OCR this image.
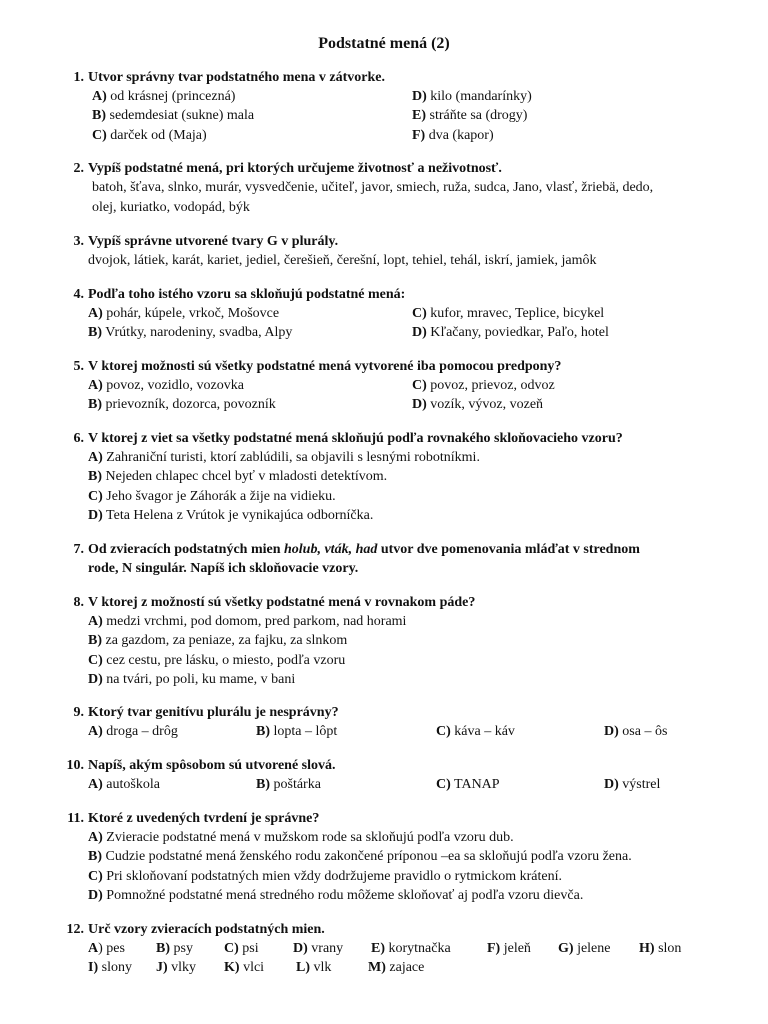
Podstatné mená (2)
1. Utvor správny tvar podstatného mena v zátvorke.
A) od krásnej (princezná)
B) sedemdesiat (sukne) mala
C) darček od (Maja)
D) kilo (mandarínky)
E) stráňte sa (drogy)
F) dva (kapor)
2. Vypíš podstatné mená, pri ktorých určujeme životnosť a neživotnosť.
batoh, šťava, slnko, murár, vysvedčenie, učiteľ, javor, smiech, ruža, sudca, Jano, vlasť, žriebä, dedo,
olej, kuriatko, vodopád, býk
3. Vypíš správne utvorené tvary G v plurály.
dvojok, látiek, karát, kariet, jediel, čerešieň, čerešní, lopt, tehiel, tehál, iskrí, jamiek, jamôk
4. Podľa toho istého vzoru sa skloňujú podstatné mená:
A) pohár, kúpele, vrkoč, Mošovce
B) Vrútky, narodeniny, svadba, Alpy
C) kufor, mravec, Teplice, bicykel
D) Kľačany, poviedkar, Paľo, hotel
5. V ktorej možnosti sú všetky podstatné mená vytvorené iba pomocou predpony?
A) povoz, vozidlo, vozovka
B) prievozník, dozorca, povozník
C) povoz, prievoz, odvoz
D) vozík, vývoz, vozeň
6. V ktorej z viet sa všetky podstatné mená skloňujú podľa rovnakého skloňovacieho vzoru?
A) Zahraniční turisti, ktorí zablúdili, sa objavili s lesnými robotníkmi.
B) Nejeden chlapec chcel byť v mladosti detektívom.
C) Jeho švagor je Záhorák a žije na vidieku.
D) Teta Helena z Vrútok je vynikajúca odborníčka.
7. Od zvieracích podstatných mien holub, vták, had utvor dve pomenovania mláďat v strednom
rode, N singulár. Napíš ich skloňovacie vzory.
8. V ktorej z možností sú všetky podstatné mená v rovnakom páde?
A) medzi vrchmi, pod domom, pred parkom, nad horami
B) za gazdom, za peniaze, za fajku, za slnkom
C) cez cestu, pre lásku, o miesto, podľa vzoru
D) na tvári, po poli, ku mame, v bani
9. Ktorý tvar genitívu plurálu je nesprávny?
A) droga – drôg	B) lopta – lôpt	C) káva – káv	D) osa – ôs
10. Napíš, akým spôsobom sú utvorené slová.
A) autoškola	B) poštárka	C) TANAP	D) výstrel
11. Ktoré z uvedených tvrdení je správne?
A) Zvieracie podstatné mená v mužskom rode sa skloňujú podľa vzoru dub.
B) Cudzie podstatné mená ženského rodu zakončené príponou –ea sa skloňujú podľa vzoru žena.
C) Pri skloňovaní podstatných mien vždy dodržujeme pravidlo o rytmickom krátení.
D) Pomnožné podstatné mená stredného rodu môžeme skloňovať aj podľa vzoru dievča.
12. Urč vzory zvieracích podstatných mien.
A) pes B) psy C) psi D) vrany E) korytnačka	F) jeleň G) jelene H) slon
I) slony J) vlky K) vlci L) vlk	M) zajace
